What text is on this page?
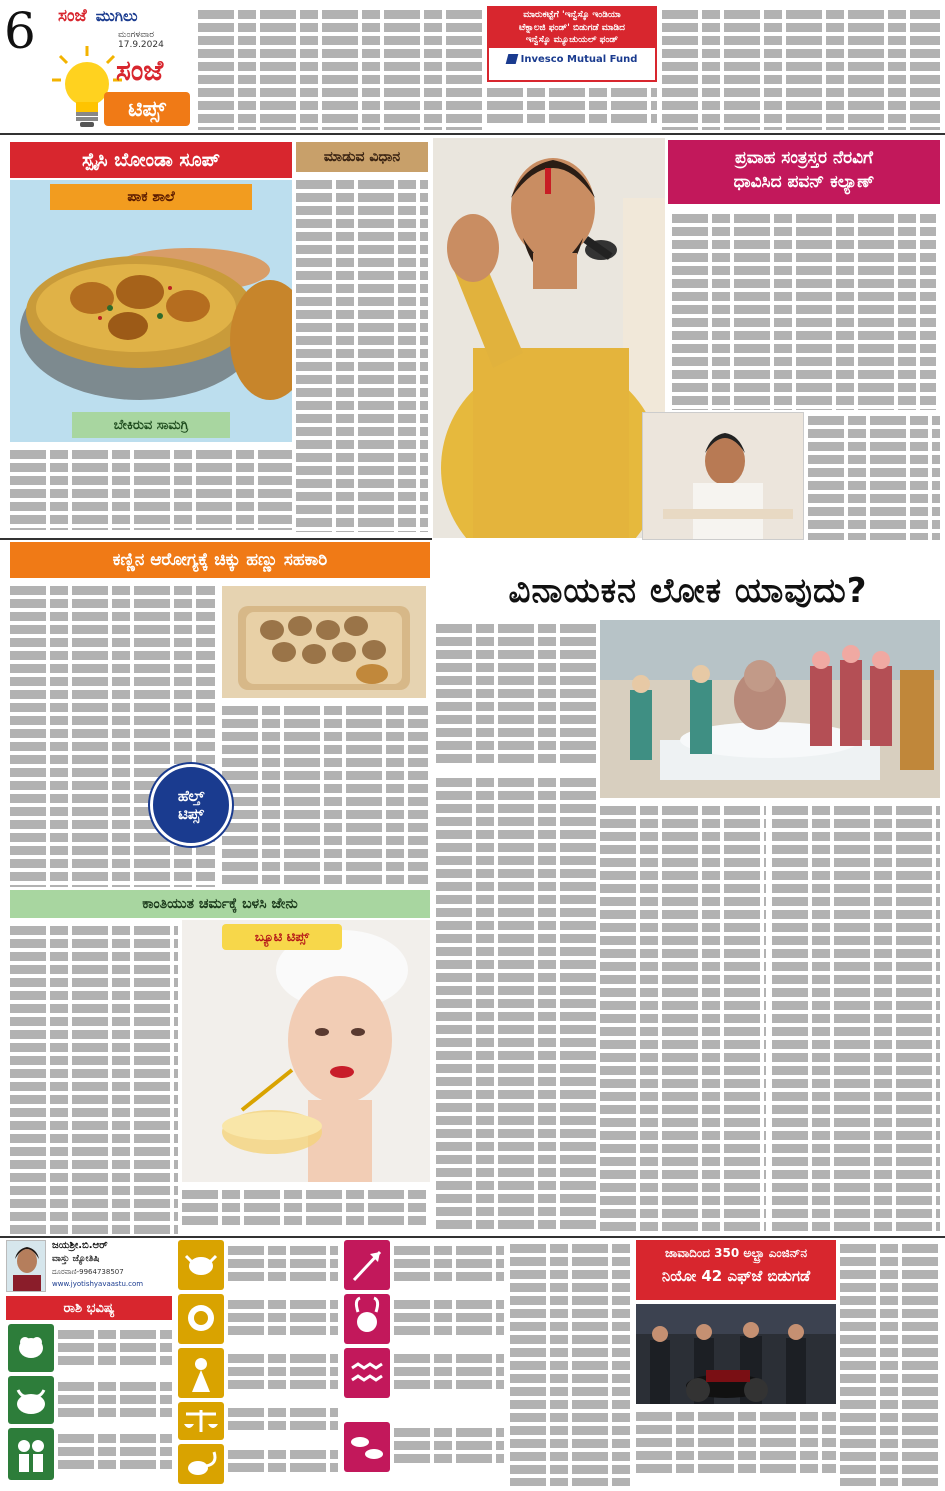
6 ಸಂಜೆ ಮುಗಿಲು
ಮಂಗಳವಾರ 17.9.2024
ಸಂಜೆ
ಟಿಪ್ಸ್
ಮಾರುಕಟ್ಟೆಗೆ 'ಇನ್ವೆಸ್ಕೊ ಇಂಡಿಯಾ
ಟೆಕ್ನಾಲಜಿ ಫಂಡ್' ಬಿಡುಗಡೆ ಮಾಡಿದ
ಇನ್ವೆಸ್ಕೊ ಮ್ಯೂಚುಯಲ್ ಫಂಡ್
Invesco Mutual Fund
ಸ್ಪೈಸಿ ಬೋಂಡಾ ಸೂಪ್	ಮಾಡುವ ವಿಧಾನ
ಪಾಕ ಶಾಲೆ
ಬೇಕಿರುವ ಸಾಮಗ್ರಿ
ಪ್ರವಾಹ ಸಂತ್ರಸ್ತರ ನೆರವಿಗೆ
ಧಾವಿಸಿದ ಪವನ್ ಕಲ್ಯಾಣ್
ಕಣ್ಣಿನ ಆರೋಗ್ಯಕ್ಕೆ ಚಿಕ್ಕು ಹಣ್ಣು ಸಹಕಾರಿ
ಹೆಲ್ತ್
ಟಿಪ್ಸ್
ಕಾಂತಿಯುತ ಚರ್ಮಕ್ಕೆ ಬಳಸಿ ಜೇನು
ಬ್ಯೂಟಿ ಟಿಪ್ಸ್
ವಿನಾಯಕನ ಲೋಕ ಯಾವುದು?
ಜಯಶ್ರೀ.ಬಿ.ಆರ್
ವಾಸ್ತು ಜ್ಯೋತಿಷಿ
ದೂರವಾಣಿ-9964738507
www.jyotishyavaastu.com
ರಾಶಿ ಭವಿಷ್ಯ
ಜಾವಾದಿಂದ 350 ಅಲ್ಟ್ರಾ ಎಂಜಿನ್‌ನ
ನಿಯೋ 42 ಎಫ್‌ಜೆ ಬಿಡುಗಡೆ
